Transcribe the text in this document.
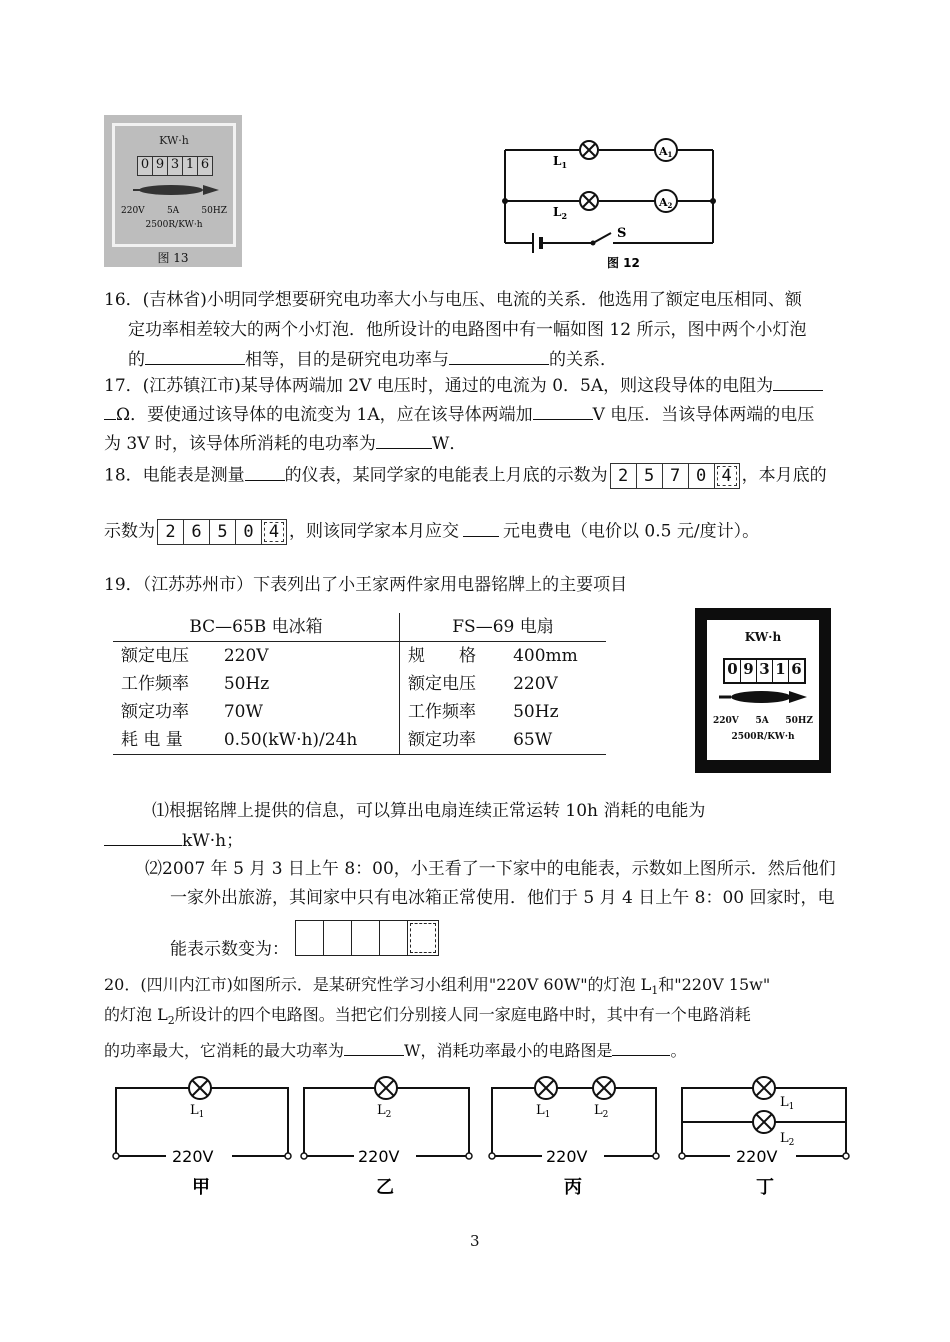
KW·h
0 9 3 1 6
220V 5A 50HZ
2500R/KW·h
图 13
$L_1$
$L_2$
A1
A2
S
图 12
16．(吉林省)小明同学想要研究电功率大小与电压、电流的关系．他选用了额定电压相同、额
定功率相差较大的两个小灯泡．他所设计的电路图中有一幅如图 12 所示，图中两个小灯泡
的	相等，目的是研究电功率与	的关系．
17．(江苏镇江市)某导体两端加 2V 电压时，通过的电流为 0．5A，则这段导体的电阻为
Ω．要使通过该导体的电流变为 1A，应在该导体两端加	V 电压．当该导体两端的电压
为 3V 时，该导体所消耗的电功率为	W．
18．电能表是测量 的仪表，某同学家的电能表上月底的示数为 2 5 7 0 4 ，本月底的
示数为 2 6 5 0 4 ，则该同学家本月应交	元电费电（电价以 0.5 元/度计）。
19．（江苏苏州市）下表列出了小王家两件家用电器铭牌上的主要项目
BC—65B 电冰箱		FS—69 电扇	
额定电压	220V	规　　格	400mm
工作频率	50Hz	额定电压	220V
额定功率	70W	工作频率	50Hz
耗 电 量	0.50(kW·h)/24h	额定功率	65W
KW·h
0 9 3 1 6
220V 5A 50HZ
2500R/KW·h
⑴根据铭牌上提供的信息，可以算出电扇连续正常运转 10h 消耗的电能为
kW·h；
⑵2007 年 5 月 3 日上午 8：00，小王看了一下家中的电能表，示数如上图所示．然后他们
一家外出旅游，其间家中只有电冰箱正常使用．他们于 5 月 4 日上午 8：00 回家时，电
能表示数变为：
20．(四川内江市)如图所示．是某研究性学习小组利用"220V 60W"的灯泡 $L_1$和"220V 15w"
的灯泡 $L_2$所设计的四个电路图。当把它们分别接人同一家庭电路中时，其中有一个电路消耗
的功率最大，它消耗的最大功率为	W，消耗功率最小的电路图是	。
$L_1$	$L_2$	$L_1$	$L_2$
$L_1$
$L_2$
220V	220V	220V	220V
甲	乙	丙	丁
3
